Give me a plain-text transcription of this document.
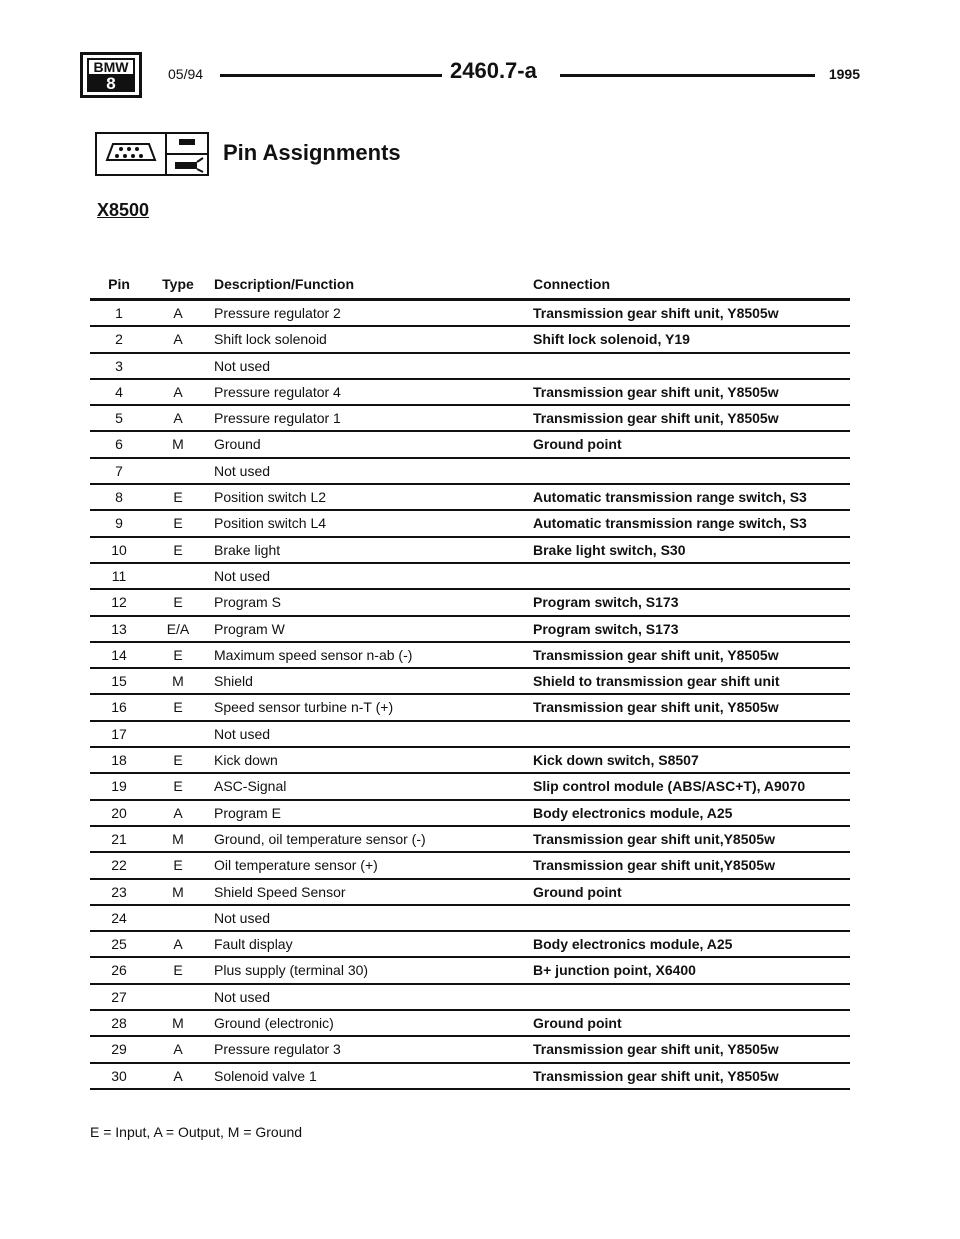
BMW
8	05/94	2460.7-a	1995
Pin Assignments
X8500
Pin	Type	Description/Function	Connection
1	A	Pressure regulator 2	Transmission gear shift unit, Y8505w
2	A	Shift lock solenoid	Shift lock solenoid, Y19
3	Not used
4	A	Pressure regulator 4	Transmission gear shift unit, Y8505w
5	A	Pressure regulator 1	Transmission gear shift unit, Y8505w
6	M	Ground	Ground point
7	Not used
8	E	Position switch L2	Automatic transmission range switch, S3
9	E	Position switch L4	Automatic transmission range switch, S3
10	E	Brake light	Brake light switch, S30
11	Not used
12	E	Program S	Program switch, S173
13	E/A	Program W	Program switch, S173
14	E	Maximum speed sensor n-ab (-)	Transmission gear shift unit, Y8505w
15	M	Shield	Shield to transmission gear shift unit
16	E	Speed sensor turbine n-T (+)	Transmission gear shift unit, Y8505w
17	Not used
18	E	Kick down	Kick down switch, S8507
19	E	ASC-Signal	Slip control module (ABS/ASC+T), A9070
20	A	Program E	Body electronics module, A25
21	M	Ground, oil temperature sensor (-)	Transmission gear shift unit,Y8505w
22	E	Oil temperature sensor (+)	Transmission gear shift unit,Y8505w
23	M	Shield Speed Sensor	Ground point
24	Not used
25	A	Fault display	Body electronics module, A25
26	E	Plus supply (terminal 30)	B+ junction point, X6400
27	Not used
28	M	Ground (electronic)	Ground point
29	A	Pressure regulator 3	Transmission gear shift unit, Y8505w
30	A	Solenoid valve 1	Transmission gear shift unit, Y8505w
E = Input, A = Output, M = Ground
